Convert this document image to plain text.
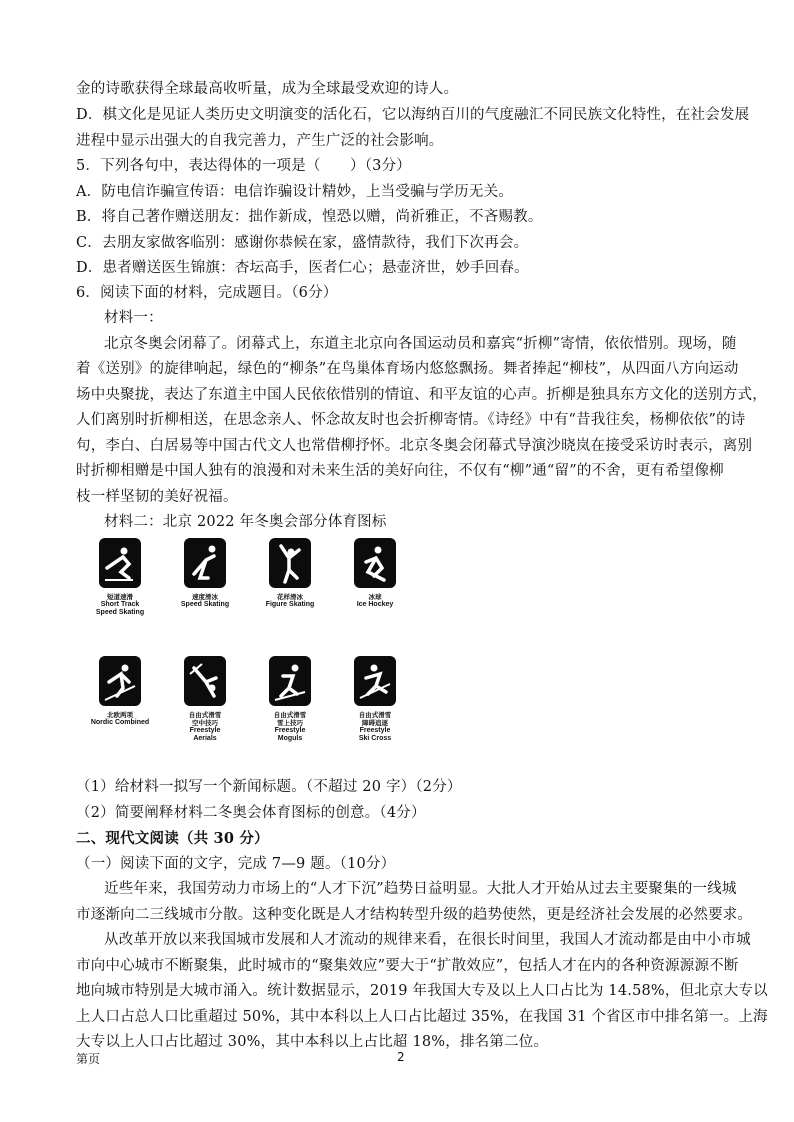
金的诗歌获得全球最高收听量，成为全球最受欢迎的诗人。
D．棋文化是见证人类历史文明演变的活化石，它以海纳百川的气度融汇不同民族文化特性，在社会发展
进程中显示出强大的自我完善力，产生广泛的社会影响。
5．下列各句中，表达得体的一项是（　　）（3分）
A．防电信诈骗宣传语：电信诈骗设计精妙，上当受骗与学历无关。
B．将自己著作赠送朋友：拙作新成，惶恐以赠，尚祈雅正，不吝赐教。
C．去朋友家做客临别：感谢你恭候在家，盛情款待，我们下次再会。
D．患者赠送医生锦旗：杏坛高手，医者仁心；悬壶济世，妙手回春。
6．阅读下面的材料，完成题目。（6分）
材料一：
北京冬奥会闭幕了。闭幕式上，东道主北京向各国运动员和嘉宾“折柳”寄情，依依惜别。现场，随
着《送别》的旋律响起，绿色的“柳条”在鸟巢体育场内悠悠飘扬。舞者捧起“柳枝”，从四面八方向运动
场中央聚拢，表达了东道主中国人民依依惜别的情谊、和平友谊的心声。折柳是独具东方文化的送别方式，
人们离别时折柳相送，在思念亲人、怀念故友时也会折柳寄情。《诗经》中有“昔我往矣，杨柳依依”的诗
句，李白、白居易等中国古代文人也常借柳抒怀。北京冬奥会闭幕式导演沙晓岚在接受采访时表示，离别
时折柳相赠是中国人独有的浪漫和对未来生活的美好向往，不仅有“柳”通“留”的不舍，更有希望像柳
枝一样坚韧的美好祝福。
材料二：北京 2022 年冬奥会部分体育图标
短道速滑
Short Track
Speed Skating
速度滑冰
Speed Skating
花样滑冰
Figure Skating
冰球
Ice Hockey
北欧两项
Nordic Combined
自由式滑雪
空中技巧
Freestyle
Aerials
自由式滑雪
雪上技巧
Freestyle
Moguls
自由式滑雪
障碍追逐
Freestyle
Ski Cross
（1）给材料一拟写一个新闻标题。（不超过 20 字）（2分）
（2）简要阐释材料二冬奥会体育图标的创意。（4分）
二、现代文阅读（共 30 分）
（一）阅读下面的文字，完成 7—9 题。（10分）
近些年来，我国劳动力市场上的“人才下沉”趋势日益明显。大批人才开始从过去主要聚集的一线城
市逐渐向二三线城市分散。这种变化既是人才结构转型升级的趋势使然，更是经济社会发展的必然要求。
从改革开放以来我国城市发展和人才流动的规律来看，在很长时间里，我国人才流动都是由中小市城
市向中心城市不断聚集，此时城市的“聚集效应”要大于“扩散效应”，包括人才在内的各种资源源源不断
地向城市特别是大城市涌入。统计数据显示，2019 年我国大专及以上人口占比为 14.58%，但北京大专以
上人口占总人口比重超过 50%，其中本科以上人口占比超过 35%，在我国 31 个省区市中排名第一。上海
大专以上人口占比超过 30%，其中本科以上占比超 18%，排名第二位。
第页	2
